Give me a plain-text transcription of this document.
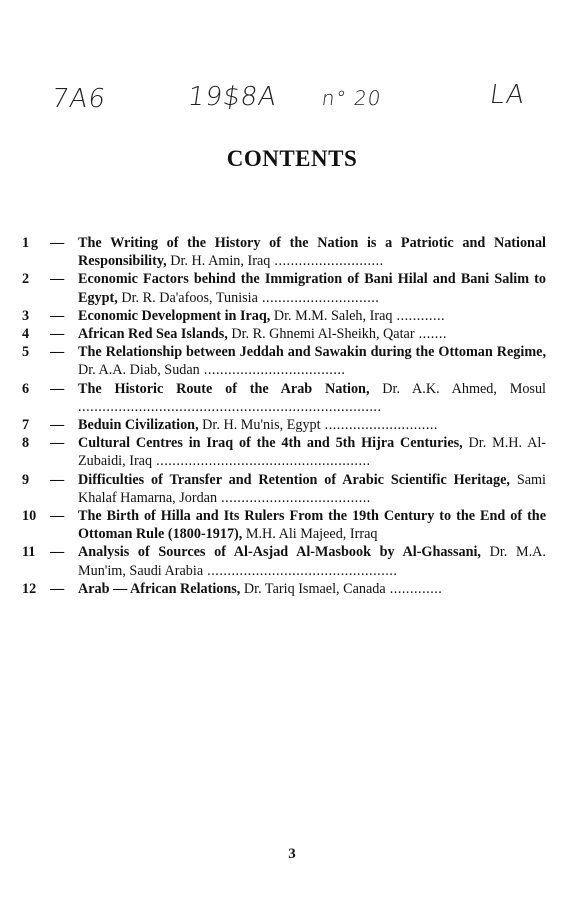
7A6	19$8A n° 20	LA
CONTENTS
1	— The Writing of the History of the Nation is a Patriotic and National Responsibility, Dr. H. Amin, Iraq ...........................
2	— Economic Factors behind the Immigration of Bani Hilal and Bani Salim to Egypt, Dr. R. Da'afoos, Tunisia .............................
3	— Economic Development in Iraq, Dr. M.M. Saleh, Iraq ............
4	— African Red Sea Islands, Dr. R. Ghnemi Al-Sheikh, Qatar .......
5	— The Relationship between Jeddah and Sawakin during the Ottoman Regime, Dr. A.A. Diab, Sudan ...................................
6	— The Historic Route of the Arab Nation, Dr. A.K. Ahmed, Mosul ...........................................................................
7	— Beduin Civilization, Dr. H. Mu'nis, Egypt ............................
8	— Cultural Centres in Iraq of the 4th and 5th Hijra Centuries, Dr. M.H. Al-Zubaidi, Iraq .....................................................
9	— Difficulties of Transfer and Retention of Arabic Scientific Heritage, Sami Khalaf Hamarna, Jordan .....................................
10 — The Birth of Hilla and Its Rulers From the 19th Century to the End of the Ottoman Rule (1800-1917), M.H. Ali Majeed, Irraq
11	— Analysis of Sources of Al-Asjad Al-Masbook by Al-Ghassani, Dr. M.A. Mun'im, Saudi Arabia ...............................................
12 — Arab — African Relations, Dr. Tariq Ismael, Canada .............
3
